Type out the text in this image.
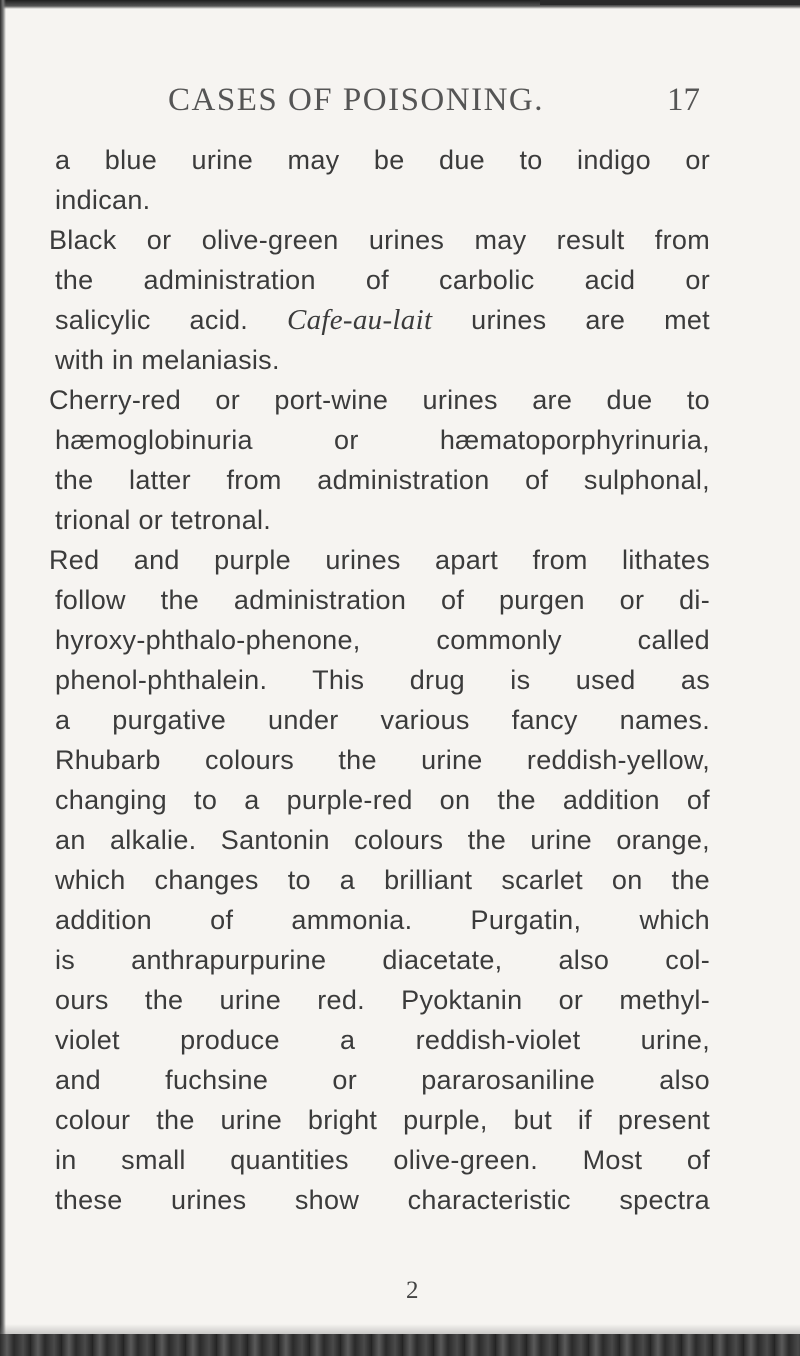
CASES OF POISONING.	17
a blue urine may be due to indigo or
indican.
Black or olive-green urines may result from
the administration of carbolic acid or
salicylic acid. Cafe-au-lait urines are met
with in melaniasis.
Cherry-red or port-wine urines are due to
hæmoglobinuria or hæmatoporphyrinuria,
the latter from administration of sulphonal,
trional or tetronal.
Red and purple urines apart from lithates
follow the administration of purgen or di-
hyroxy-phthalo-phenone, commonly called
phenol-phthalein. This drug is used as
a purgative under various fancy names.
Rhubarb colours the urine reddish-yellow,
changing to a purple-red on the addition of
an alkalie. Santonin colours the urine orange,
which changes to a brilliant scarlet on the
addition of ammonia. Purgatin, which
is anthrapurpurine diacetate, also col-
ours the urine red. Pyoktanin or methyl-
violet produce a reddish-violet urine,
and fuchsine or pararosaniline also
colour the urine bright purple, but if present
in small quantities olive-green. Most of
these urines show characteristic spectra
2
